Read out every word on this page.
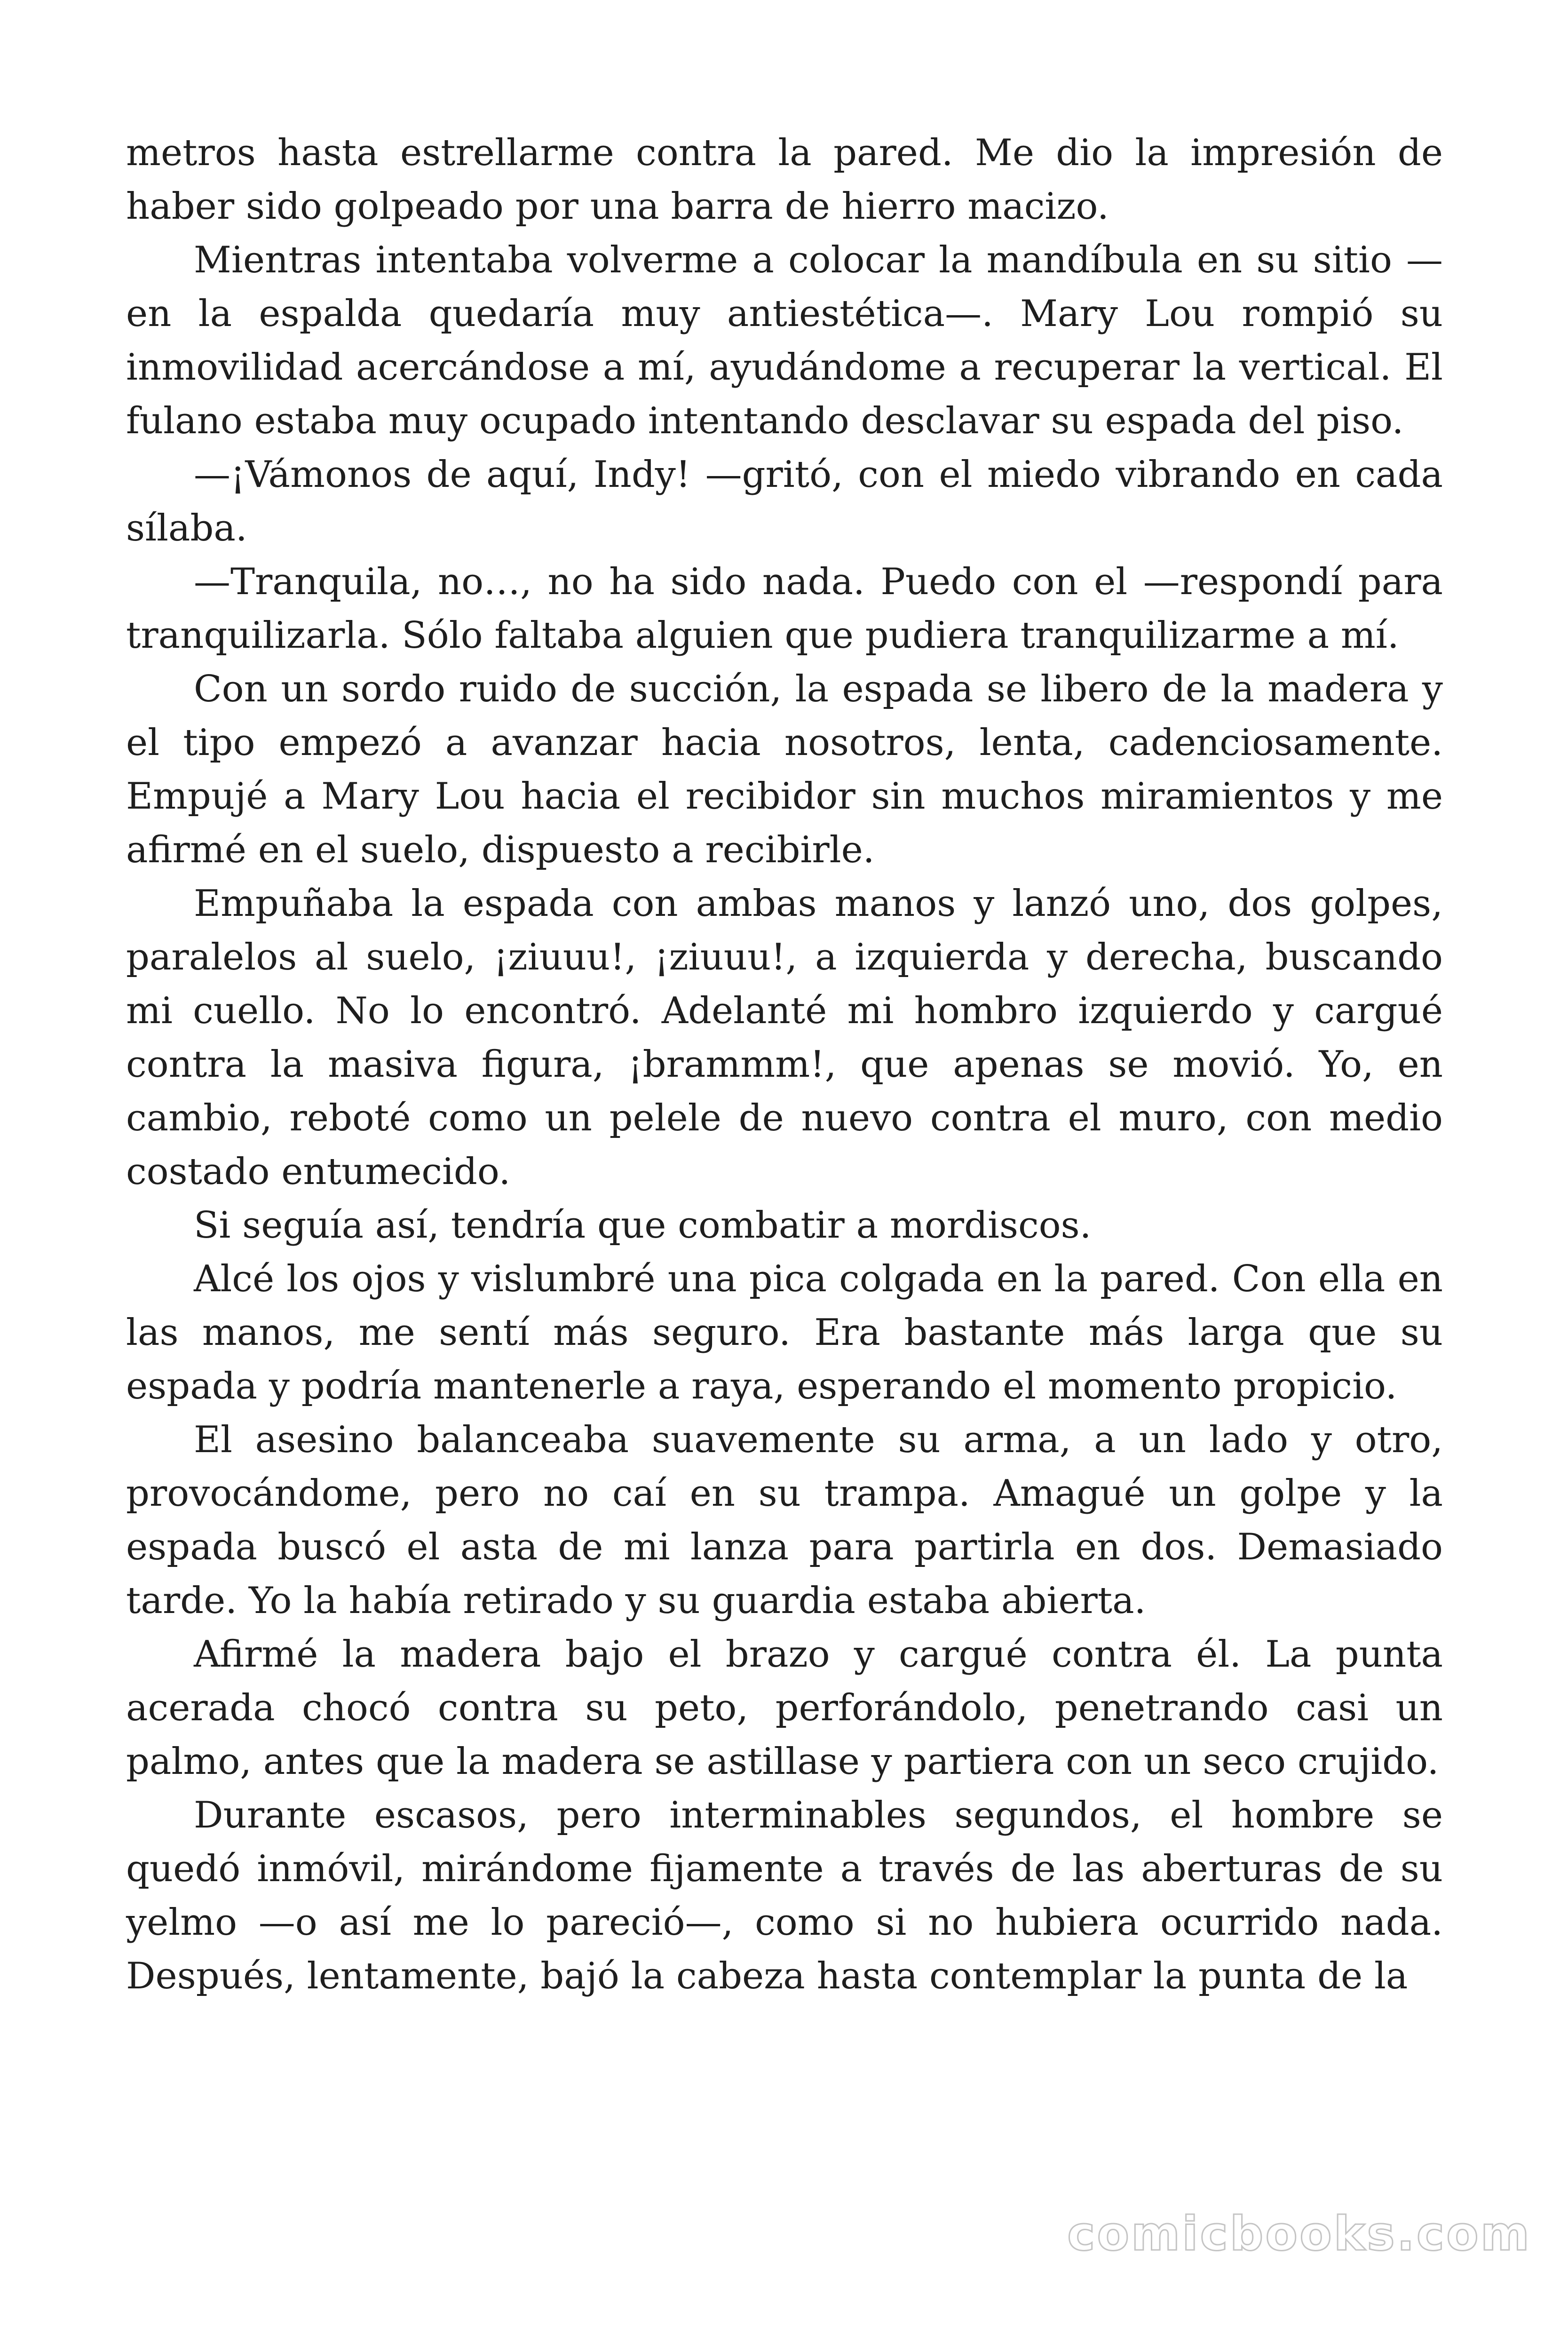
metros hasta estrellarme contra la pared. Me dio la impresión de haber sido golpeado por una barra de hierro macizo.

Mientras intentaba volverme a colocar la mandíbula en su sitio —en la espalda quedaría muy antiestética—. Mary Lou rompió su inmovilidad acercándose a mí, ayudándome a recuperar la vertical. El fulano estaba muy ocupado intentando desclavar su espada del piso.

—¡Vámonos de aquí, Indy! —gritó, con el miedo vibrando en cada sílaba.

—Tranquila, no…, no ha sido nada. Puedo con el —respondí para tranquilizarla. Sólo faltaba alguien que pudiera tranquilizarme a mí.

Con un sordo ruido de succión, la espada se libero de la madera y el tipo empezó a avanzar hacia nosotros, lenta, cadenciosamente. Empujé a Mary Lou hacia el recibidor sin muchos miramientos y me afirmé en el suelo, dispuesto a recibirle.

Empuñaba la espada con ambas manos y lanzó uno, dos golpes, paralelos al suelo, ¡ziuuu!, ¡ziuuu!, a izquierda y derecha, buscando mi cuello. No lo encontró. Adelanté mi hombro izquierdo y cargué contra la masiva figura, ¡brammm!, que apenas se movió. Yo, en cambio, reboté como un pelele de nuevo contra el muro, con medio costado entumecido.

Si seguía así, tendría que combatir a mordiscos.

Alcé los ojos y vislumbré una pica colgada en la pared. Con ella en las manos, me sentí más seguro. Era bastante más larga que su espada y podría mantenerle a raya, esperando el momento propicio.

El asesino balanceaba suavemente su arma, a un lado y otro, provocándome, pero no caí en su trampa. Amagué un golpe y la espada buscó el asta de mi lanza para partirla en dos. Demasiado tarde. Yo la había retirado y su guardia estaba abierta.

Afirmé la madera bajo el brazo y cargué contra él. La punta acerada chocó contra su peto, perforándolo, penetrando casi un palmo, antes que la madera se astillase y partiera con un seco crujido.

Durante escasos, pero interminables segundos, el hombre se quedó inmóvil, mirándome fijamente a través de las aberturas de su yelmo —o así me lo pareció—, como si no hubiera ocurrido nada. Después, lentamente, bajó la cabeza hasta contemplar la punta de la

comicbooks.com
